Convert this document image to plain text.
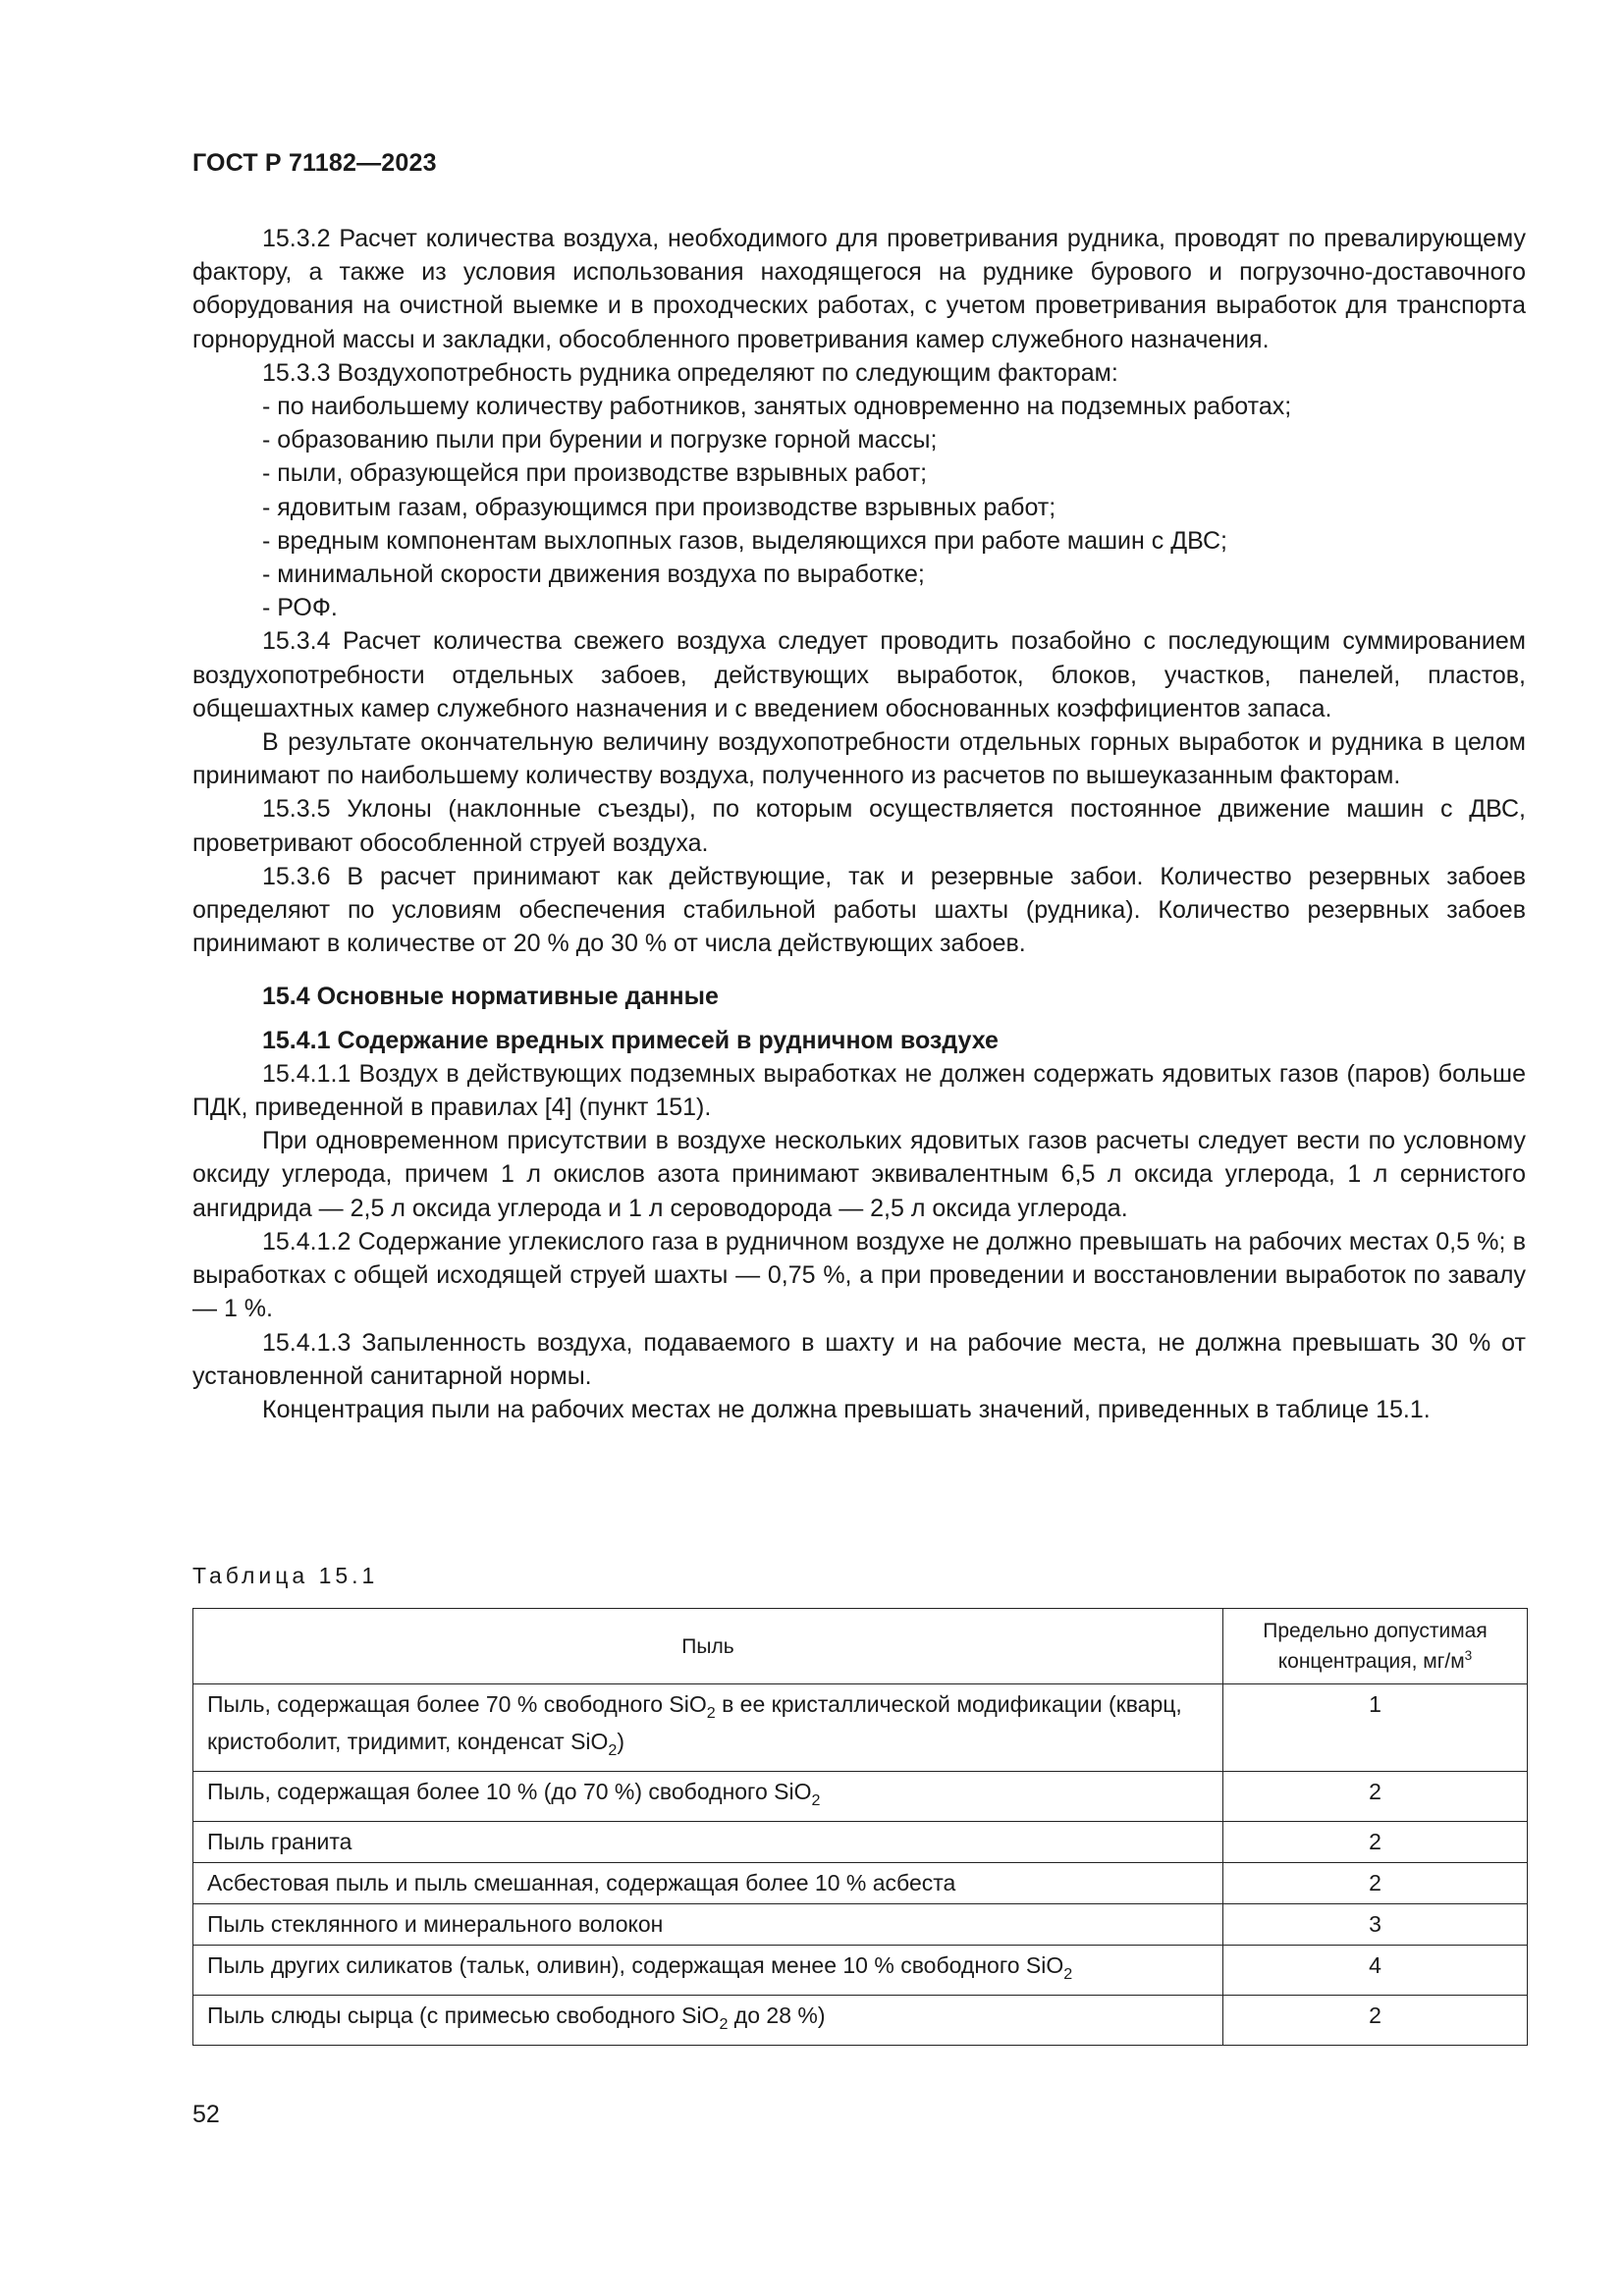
ГОСТ Р 71182—2023

15.3.2 Расчет количества воздуха, необходимого для проветривания рудника, проводят по превалирующему фактору, а также из условия использования находящегося на руднике бурового и погрузочно-доставочного оборудования на очистной выемке и в проходческих работах, с учетом проветривания выработок для транспорта горнорудной массы и закладки, обособленного проветривания камер служебного назначения.

15.3.3 Воздухопотребность рудника определяют по следующим факторам:

- по наибольшему количеству работников, занятых одновременно на подземных работах;

- образованию пыли при бурении и погрузке горной массы;

- пыли, образующейся при производстве взрывных работ;

- ядовитым газам, образующимся при производстве взрывных работ;

- вредным компонентам выхлопных газов, выделяющихся при работе машин с ДВС;

- минимальной скорости движения воздуха по выработке;

- РОФ.

15.3.4 Расчет количества свежего воздуха следует проводить позабойно с последующим суммированием воздухопотребности отдельных забоев, действующих выработок, блоков, участков, панелей, пластов, общешахтных камер служебного назначения и с введением обоснованных коэффициентов запаса.

В результате окончательную величину воздухопотребности отдельных горных выработок и рудника в целом принимают по наибольшему количеству воздуха, полученного из расчетов по вышеуказанным факторам.

15.3.5 Уклоны (наклонные съезды), по которым осуществляется постоянное движение машин с ДВС, проветривают обособленной струей воздуха.

15.3.6 В расчет принимают как действующие, так и резервные забои. Количество резервных забоев определяют по условиям обеспечения стабильной работы шахты (рудника). Количество резервных забоев принимают в количестве от 20 % до 30 % от числа действующих забоев.

15.4 Основные нормативные данные
15.4.1 Содержание вредных примесей в рудничном воздухе

15.4.1.1 Воздух в действующих подземных выработках не должен содержать ядовитых газов (паров) больше ПДК, приведенной в правилах [4] (пункт 151).

При одновременном присутствии в воздухе нескольких ядовитых газов расчеты следует вести по условному оксиду углерода, причем 1 л окислов азота принимают эквивалентным 6,5 л оксида углерода, 1 л сернистого ангидрида — 2,5 л оксида углерода и 1 л сероводорода — 2,5 л оксида углерода.

15.4.1.2 Содержание углекислого газа в рудничном воздухе не должно превышать на рабочих местах 0,5 %; в выработках с общей исходящей струей шахты — 0,75 %, а при проведении и восстановлении выработок по завалу — 1 %.

15.4.1.3 Запыленность воздуха, подаваемого в шахту и на рабочие места, не должна превышать 30 % от установленной санитарной нормы.

Концентрация пыли на рабочих местах не должна превышать значений, приведенных в таблице 15.1.

Таблица 15.1
Пыль	Предельно допустимая концентрация, $мг/м^3$
Пыль, содержащая более 70 % свободного SiO$_2$ в ее кристаллической модификации (кварц, кристоболит, тридимит, конденсат SiO$_2$)	1
Пыль, содержащая более 10 % (до 70 %) свободного SiO$_2$	2
Пыль гранита	2
Асбестовая пыль и пыль смешанная, содержащая более 10 % асбеста	2
Пыль стеклянного и минерального волокон	3
Пыль других силикатов (тальк, оливин), содержащая менее 10 % свободного SiO$_2$	4
Пыль слюды сырца (с примесью свободного SiO$_2$ до 28 %)	2
52
